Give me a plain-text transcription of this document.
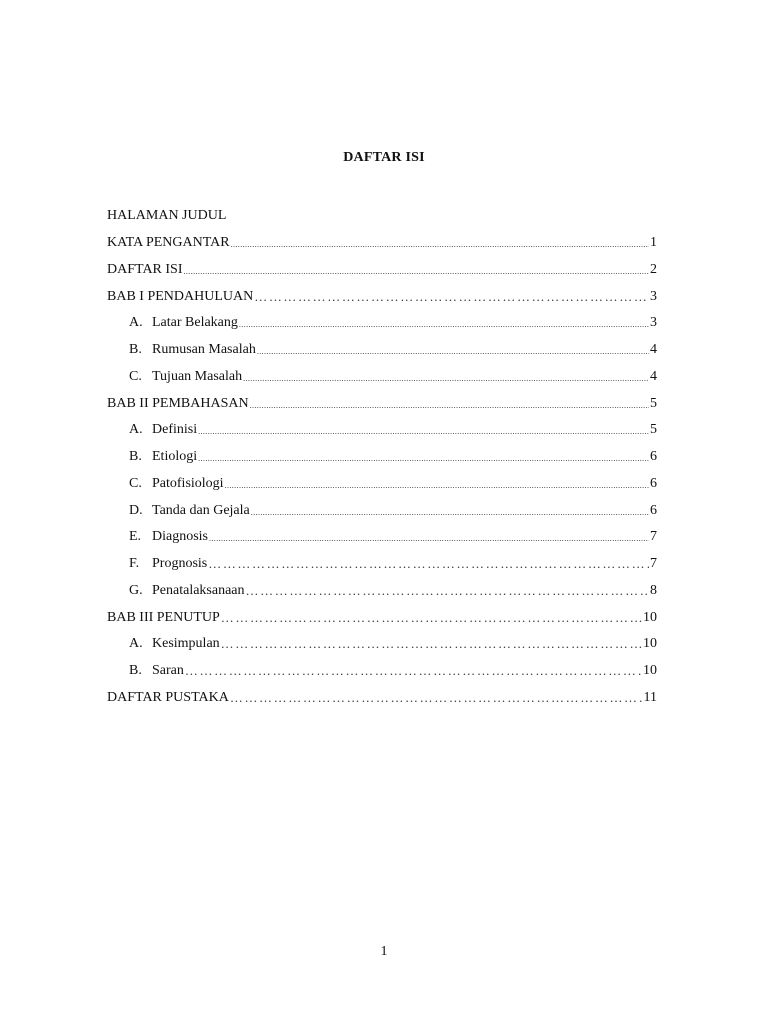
DAFTAR ISI
HALAMAN JUDUL
KATA PENGANTAR .....	1
DAFTAR ISI .....	2
BAB I PENDAHULUAN …………………………………………………………………………………………………………………………………………………………………………	3
A. Latar Belakang .....	3
B. Rumusan Masalah .....	4
C. Tujuan Masalah .....	4
BAB II PEMBAHASAN .....	5
A. Definisi .....	5
B. Etiologi .....	6
C. Patofisiologi .....	6
D. Tanda dan Gejala .....	6
E. Diagnosis .....	7
F. Prognosis …………………………………………………………………………………………………………………………………………………………………………	7
G. Penatalaksanaan …………………………………………………………………………………………………………………………………………………………………………	8
BAB III PENUTUP …………………………………………………………………………………………………………………………………………………………………………	10
A. Kesimpulan …………………………………………………………………………………………………………………………………………………………………………	10
B. Saran …………………………………………………………………………………………………………………………………………………………………………	10
DAFTAR PUSTAKA …………………………………………………………………………………………………………………………………………………………………………	11
1
